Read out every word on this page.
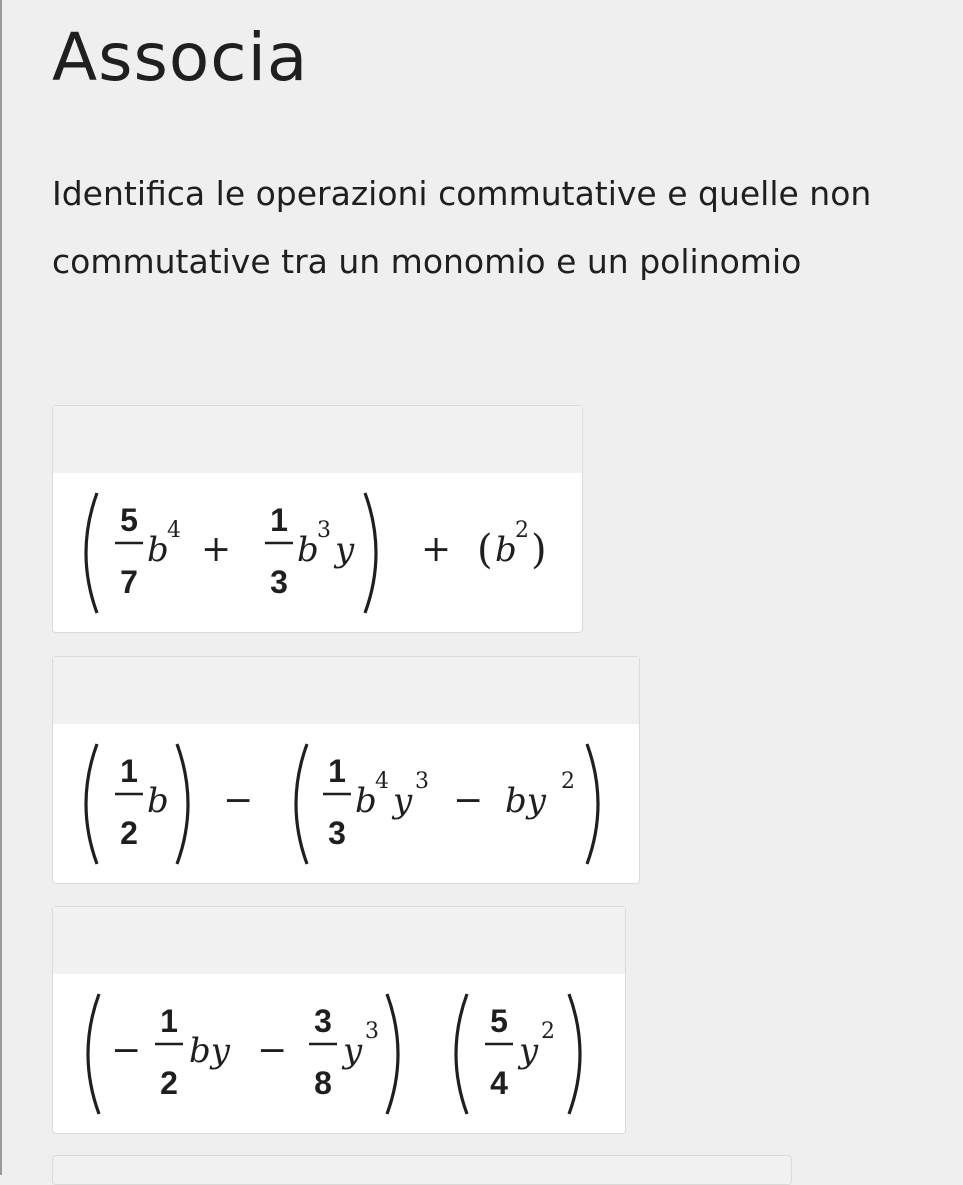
Associa

Identifica le operazioni commutative e quelle non commutative tra un monomio e un polinomio

5
7
b
4 +
1
3
b
3 y + ( b
2 )
1
2
b −
1
3
b
4 y 3 − by 2
−
1
2
by −
3
8
y 3	5
4
y 2
